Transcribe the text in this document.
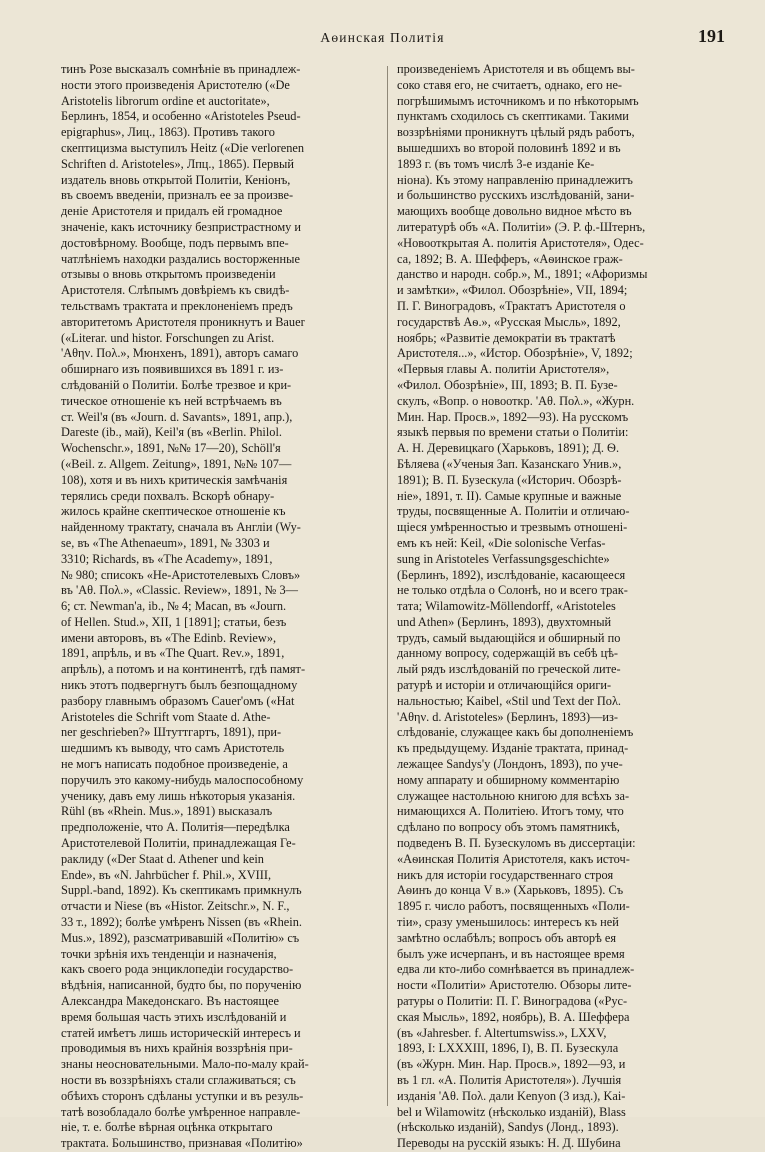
Аѳинская Политія	191
тинъ Розе высказалъ сомнѣніе въ принадлеж-
ности этого произведенія Аристотелю («De
Aristotelis librorum ordine et auctoritate»,
Берлинъ, 1854, и особенно «Aristoteles Pseud-
epigraphus», Лиц., 1863). Противъ такого
скептицизма выступилъ Heitz («Die verlorenen
Schriften d. Aristoteles», Лпц., 1865). Первый
издатель вновь открытой Политіи, Кеніонъ,
въ своемъ введеніи, призналъ ее за произве-
деніе Аристотеля и придалъ ей громадное
значеніе, какъ источнику безпристрастному и
достовѣрному. Вообще, подъ первымъ впе-
чатлѣніемъ находки раздались восторженные
отзывы о вновь открытомъ произведеніи
Аристотеля. Слѣпымъ довѣріемъ къ свидѣ-
тельствамъ трактата и преклоненіемъ предъ
авторитетомъ Аристотеля проникнутъ и Bauer
(«Literar. und histor. Forschungen zu Arist.
'Αθην. Πολ.», Мюнхенъ, 1891), авторъ самаго
обширнаго изъ появившихся въ 1891 г. из-
слѣдованій о Политіи. Болѣе трезвое и кри-
тическое отношеніе къ ней встрѣчаемъ въ
ст. Weil'я (въ «Journ. d. Savants», 1891, апр.),
Dareste (ib., май), Keil'я (въ «Berlin. Philol.
Wochenschr.», 1891, №№ 17—20), Schöll'я
(«Beil. z. Allgem. Zeitung», 1891, №№ 107—
108), хотя и въ нихъ критическія замѣчанія
терялись среди похвалъ. Вскорѣ обнару-
жилось крайне скептическое отношеніе къ
найденному трактату, сначала въ Англіи (Wy-
se, въ «The Athenaeum», 1891, № 3303 и
3310; Richards, въ «The Academy», 1891,
№ 980; списокъ «He-Аристотелевыхъ Словъ»
въ 'Αθ. Πολ.», «Classic. Review», 1891, № 3—
6; ст. Newman'a, ib., № 4; Macan, въ «Journ.
of Hellen. Stud.», XII, 1 [1891]; статьи, безъ
имени авторовъ, въ «The Edinb. Review»,
1891, апрѣль, и въ «The Quart. Rev.», 1891,
апрѣль), а потомъ и на континентѣ, гдѣ памят-
никъ этотъ подвергнутъ былъ безпощадному
разбору главнымъ образомъ Cauer'омъ («Hat
Aristoteles die Schrift vom Staate d. Athe-
ner geschrieben?» Штуттгартъ, 1891), при-
шедшимъ къ выводу, что самъ Аристотель
не могъ написать подобное произведеніе, а
поручилъ это какому-нибудь малоспособному
ученику, давъ ему лишь нѣкоторыя указанія.
Rühl (въ «Rhein. Mus.», 1891) высказалъ
предположеніе, что А. Политія—передѣлка
Аристотелевой Политіи, принадлежащая Ге-
раклиду («Der Staat d. Athener und kein
Ende», въ «N. Jahrbücher f. Phil.», XVIII,
Suppl.-band, 1892). Къ скептикамъ примкнулъ
отчасти и Niese (въ «Histor. Zeitschr.», N. F.,
33 т., 1892); болѣе умѣренъ Nissen (въ «Rhein.
Mus.», 1892), разсматривавшій «Политію» съ
точки зрѣнія ихъ тенденціи и назначенія,
какъ своего рода энциклопедіи государство-
вѣдѣнія, написанной, будто бы, по порученію
Александра Македонскаго. Въ настоящее
время большая часть этихъ изслѣдованій и
статей имѣетъ лишь историческій интересъ и
проводимыя въ нихъ крайнія воззрѣнія при-
знаны неосновательными. Мало-по-малу край-
ности въ воззрѣніяхъ стали сглаживаться; съ
обѣихъ сторонъ сдѣланы уступки и въ резуль-
татѣ возобладало болѣе умѣренное направле-
ніе, т. е. болѣе вѣрная оцѣнка открытаго
трактата. Большинство, признавая «Политію»
произведеніемъ Аристотеля и въ общемъ вы-
соко ставя его, не считаетъ, однако, его не-
погрѣшимымъ источникомъ и по нѣкоторымъ
пунктамъ сходилось съ скептиками. Такими
воззрѣніями проникнутъ цѣлый рядъ работъ,
вышедшихъ во второй половинѣ 1892 и въ
1893 г. (въ томъ числѣ 3-е изданіе Ке-
ніона). Къ этому направленію принадлежитъ
и большинство русскихъ изслѣдованій, зани-
мающихъ вообще довольно видное мѣсто въ
литературѣ объ «А. Политіи» (Э. Р. ф.-Штернъ,
«Новооткрытая А. политія Аристотеля», Одес-
са, 1892; В. А. Шефферъ, «Аѳинское граж-
данство и народн. собр.», М., 1891; «Афоризмы
и замѣтки», «Филол. Обозрѣніе», VII, 1894;
П. Г. Виноградовъ, «Трактатъ Аристотеля о
государствѣ Аѳ.», «Русская Мысль», 1892,
ноябрь; «Развитіе демократіи въ трактатѣ
Аристотеля...», «Истор. Обозрѣніе», V, 1892;
«Первыя главы А. политіи Аристотеля»,
«Филол. Обозрѣніе», III, 1893; В. П. Бузе-
скулъ, «Вопр. о новооткр. 'Αθ. Πολ.», «Журн.
Мин. Нар. Просв.», 1892—93). На русскомъ
языкѣ первыя по времени статьи о Политіи:
А. Н. Деревицкаго (Харьковъ, 1891); Д. Ѳ.
Бѣляева («Ученыя Зап. Казанскаго Унив.»,
1891); В. П. Бузескула («Историч. Обозрѣ-
ніе», 1891, т. II). Самые крупные и важные
труды, посвященные А. Политіи и отличаю-
щіеся умѣренностью и трезвымъ отношені-
емъ къ ней: Keil, «Die solonische Verfas-
sung in Aristoteles Verfassungsgeschichte»
(Берлинъ, 1892), изслѣдованіе, касающееся
не только отдѣла о Солонѣ, но и всего трак-
тата; Wilamowitz-Möllendorff, «Aristoteles
und Athen» (Берлинъ, 1893), двухтомный
трудъ, самый выдающійся и обширный по
данному вопросу, содержащій въ себѣ цѣ-
лый рядъ изслѣдованій по греческой лите-
ратурѣ и исторіи и отличающійся ориги-
нальностью; Kaibel, «Stil und Text der Πολ.
'Αθην. d. Aristoteles» (Берлинъ, 1893)—из-
слѣдованіе, служащее какъ бы дополненіемъ
къ предыдущему. Изданіе трактата, принад-
лежащее Sandys'y (Лондонъ, 1893), по уче-
ному аппарату и обширному комментарію
служащее настольною книгою для всѣхъ за-
нимающихся А. Политіею. Итогъ тому, что
сдѣлано по вопросу объ этомъ памятникѣ,
подведенъ В. П. Бузескуломъ въ диссертаціи:
«Аѳинская Политія Аристотеля, какъ источ-
никъ для исторіи государственнаго строя
Аѳинъ до конца V в.» (Харьковъ, 1895). Съ
1895 г. число работъ, посвященныхъ «Поли-
тіи», сразу уменьшилось: интересъ къ ней
замѣтно ослабѣлъ; вопросъ объ авторѣ ея
былъ уже исчерпанъ, и въ настоящее время
едва ли кто-либо сомнѣвается въ принадлеж-
ности «Политіи» Аристотелю. Обзоры лите-
ратуры о Политіи: П. Г. Виноградова («Рус-
ская Мысль», 1892, ноябрь), В. А. Шеффера
(въ «Jahresber. f. Altertumswiss.», LXXV,
1893, I: LXXXIII, 1896, I), В. П. Бузескула
(въ «Журн. Мин. Нар. Просв.», 1892—93, и
въ 1 гл. «А. Политія Аристотеля»). Лучшія
изданія 'Αθ. Πολ. дали Kenyon (3 изд.), Kai-
bel и Wilamowitz (нѣсколько изданій), Blass
(нѣсколько изданій), Sandys (Лонд., 1893).
Переводы на русскій языкъ: Н. Д. Шубина
